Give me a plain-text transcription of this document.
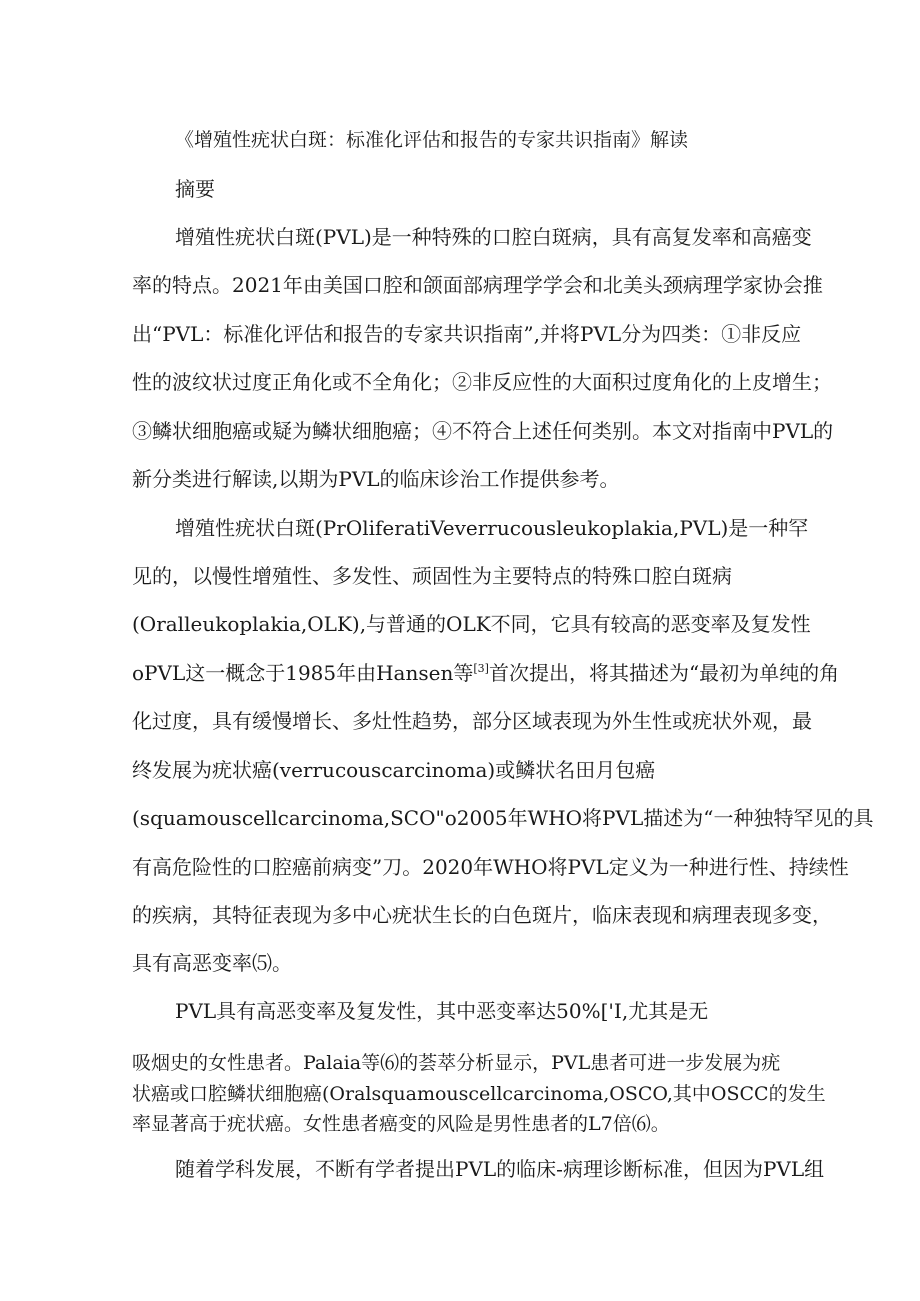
《增殖性疣状白斑：标准化评估和报告的专家共识指南》解读

摘要

增殖性疣状白斑(PVL)是一种特殊的口腔白斑病，具有高复发率和高癌变

率的特点。2021年由美国口腔和颌面部病理学学会和北美头颈病理学家协会推

出“PVL：标准化评估和报告的专家共识指南”,并将PVL分为四类：①非反应

性的波纹状过度正角化或不全角化；②非反应性的大面积过度角化的上皮增生；

③鳞状细胞癌或疑为鳞状细胞癌；④不符合上述任何类别。本文对指南中PVL的

新分类进行解读,以期为PVL的临床诊治工作提供参考。

增殖性疣状白斑(PrOliferatiVeverrucousleukoplakia,PVL)是一种罕

见的，以慢性增殖性、多发性、顽固性为主要特点的特殊口腔白斑病

(Oralleukoplakia,OLK),与普通的OLK不同，它具有较高的恶变率及复发性

oPVL这一概念于1985年由Hansen等[3]首次提出，将其描述为“最初为单纯的角

化过度，具有缓慢增长、多灶性趋势，部分区域表现为外生性或疣状外观，最

终发展为疣状癌(verrucouscarcinoma)或鳞状名田月包癌

(squamouscellcarcinoma,SCO"o2005年WHO将PVL描述为“一种独特罕见的具

有高危险性的口腔癌前病变”刀。2020年WHO将PVL定义为一种进行性、持续性

的疾病，其特征表现为多中心疣状生长的白色斑片，临床表现和病理表现多变，

具有高恶变率⑸。

PVL具有高恶变率及复发性，其中恶变率达50%['I,尤其是无

吸烟史的女性患者。Palaia等⑹的荟萃分析显示，PVL患者可进一步发展为疣

状癌或口腔鳞状细胞癌(Oralsquamouscellcarcinoma,OSCO,其中OSCC的发生

率显著高于疣状癌。女性患者癌变的风险是男性患者的L7倍⑹。

随着学科发展，不断有学者提出PVL的临床-病理诊断标准，但因为PVL组
